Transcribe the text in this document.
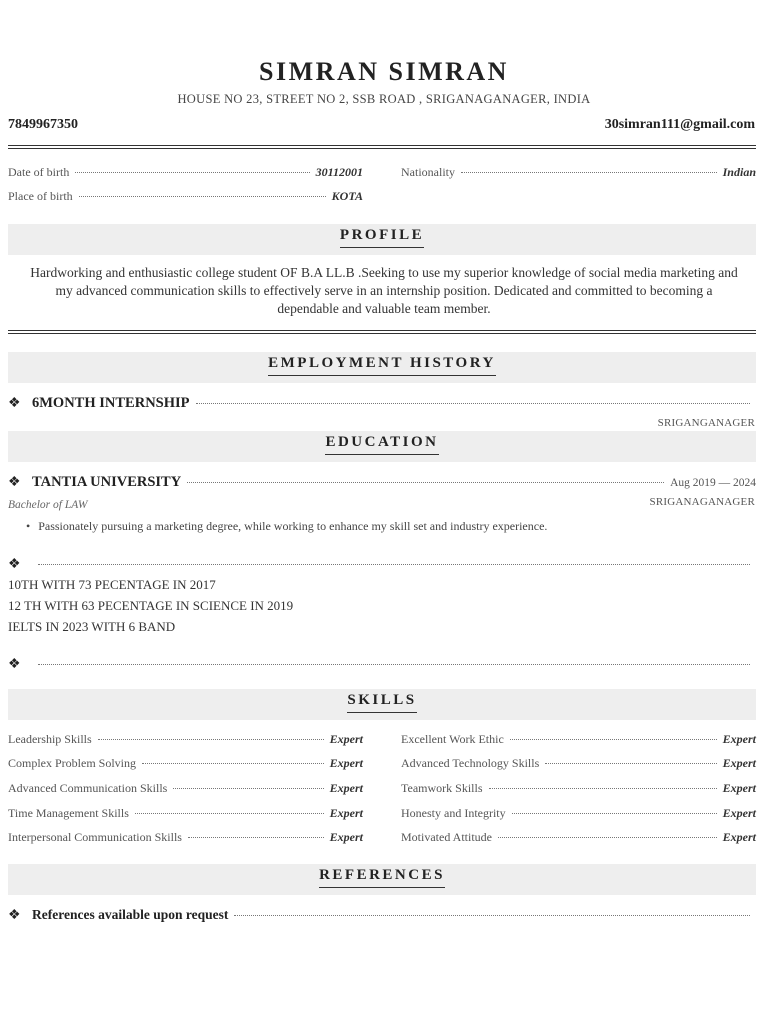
SIMRAN SIMRAN
HOUSE NO 23, STREET NO 2, SSB ROAD , SRIGANAGANAGER, INDIA
7849967350	30simran111@gmail.com
Date of birth	30112001	Nationality	Indian
Place of birth	KOTA
PROFILE
Hardworking and enthusiastic college student OF B.A LL.B .Seeking to use my superior knowledge of social media marketing and my advanced communication skills to effectively serve in an internship position. Dedicated and committed to becoming a dependable and valuable team member.
EMPLOYMENT HISTORY
❖ 6MONTH INTERNSHIP
SRIGANGANAGER
EDUCATION
❖ TANTIA UNIVERSITY	Aug 2019 — 2024
SRIGANAGANAGER
Bachelor of LAW
• Passionately pursuing a marketing degree, while working to enhance my skill set and industry experience.
❖
10TH WITH 73 PECENTAGE IN 2017
12 TH WITH 63 PECENTAGE IN SCIENCE IN 2019
IELTS IN 2023 WITH 6 BAND
❖
SKILLS
Leadership Skills	Expert	Excellent Work Ethic	Expert
Complex Problem Solving	Expert	Advanced Technology Skills	Expert
Advanced Communication Skills	Expert	Teamwork Skills	Expert
Time Management Skills	Expert	Honesty and Integrity	Expert
Interpersonal Communication Skills	Expert	Motivated Attitude	Expert
REFERENCES
❖ References available upon request
